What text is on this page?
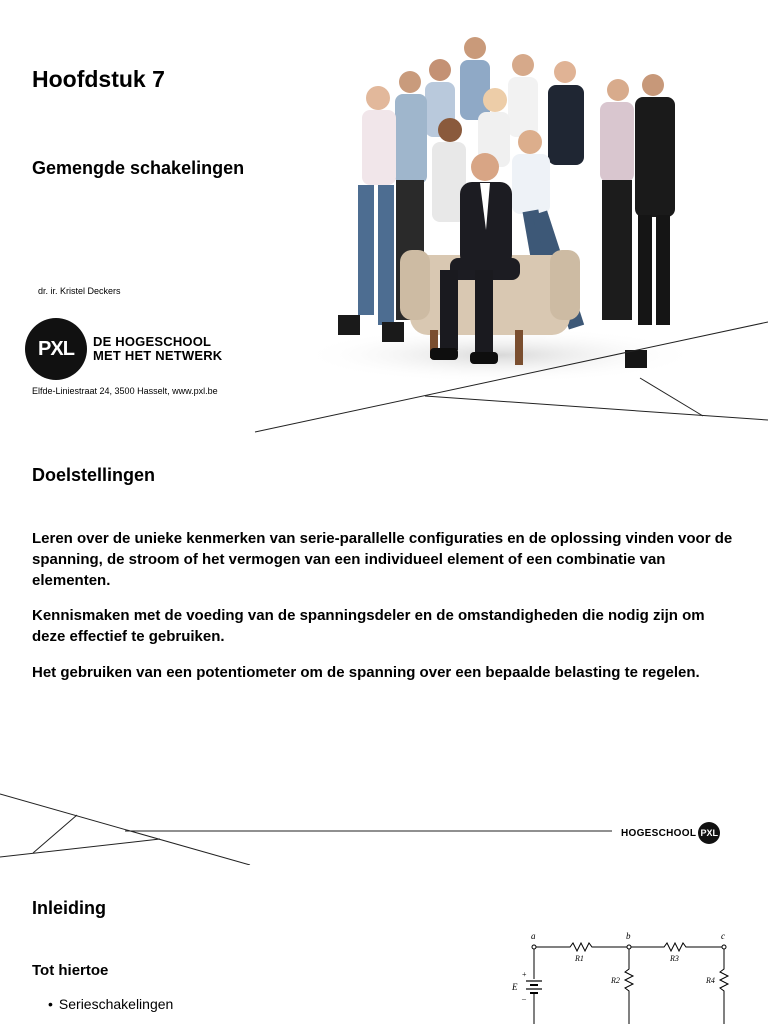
Hoofdstuk 7
Gemengde schakelingen
dr. ir. Kristel Deckers
PXL	DE HOGESCHOOL
MET HET NETWERK
Elfde-Liniestraat 24, 3500 Hasselt, www.pxl.be
Doelstellingen

Leren over de unieke kenmerken van serie-parallelle configuraties en de oplossing vinden voor de spanning, de stroom of het vermogen van een individueel element of een combinatie van elementen.

Kennismaken met de voeding van de spanningsdeler en de omstandigheden die nodig zijn om deze effectief te gebruiken.

Het gebruiken van een potentiometer om de spanning over een bepaalde belasting te regelen.

HOGESCHOOL PXL
Inleiding
Tot hiertoe
• Serieschakelingen
a	b	c
R1	R3
+
E
–
R2	R4
